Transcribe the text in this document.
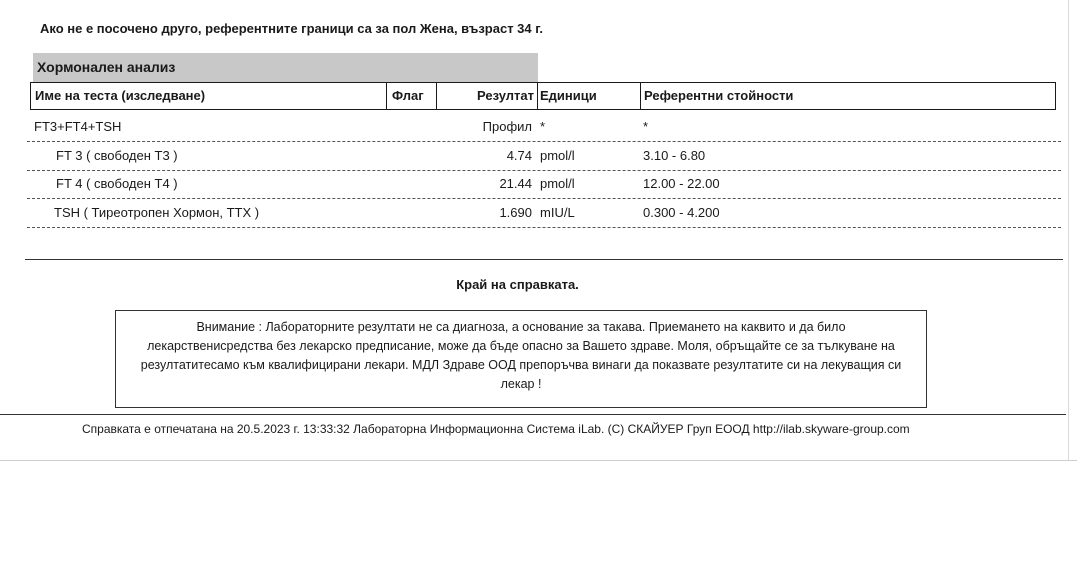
Ако не е посочено друго, референтните граници са за пол Жена, възраст 34 г.
Хормонален анализ
Име на теста (изследване)	Флаг	Резултат Единици	Референтни стойности
FT3+FT4+TSH	Профил *	*
FT 3 ( свободен Т3 )	4.74 pmol/l	3.10 - 6.80
FT 4 ( свободен Т4 )	21.44 pmol/l	12.00 - 22.00
TSH ( Тиреотропен Хормон, ТТХ )	1.690 mIU/L	0.300 - 4.200
Край на справката.
Внимание : Лабораторните резултати не са диагноза, а основание за такава. Приемането на каквито и да било лекарственисредства без лекарско предписание, може да бъде опасно за Вашето здраве. Моля, обръщайте се за тълкуване на резултатитесамо към квалифицирани лекари. МДЛ Здраве ООД препоръчва винаги да показвате резултатите си на лекуващия си лекар !
Справката е отпечатана на 20.5.2023 г. 13:33:32 Лабораторна Информационна Система iLab. (C) СКАЙУЕР Груп ЕООД http://ilab.skyware-group.com
